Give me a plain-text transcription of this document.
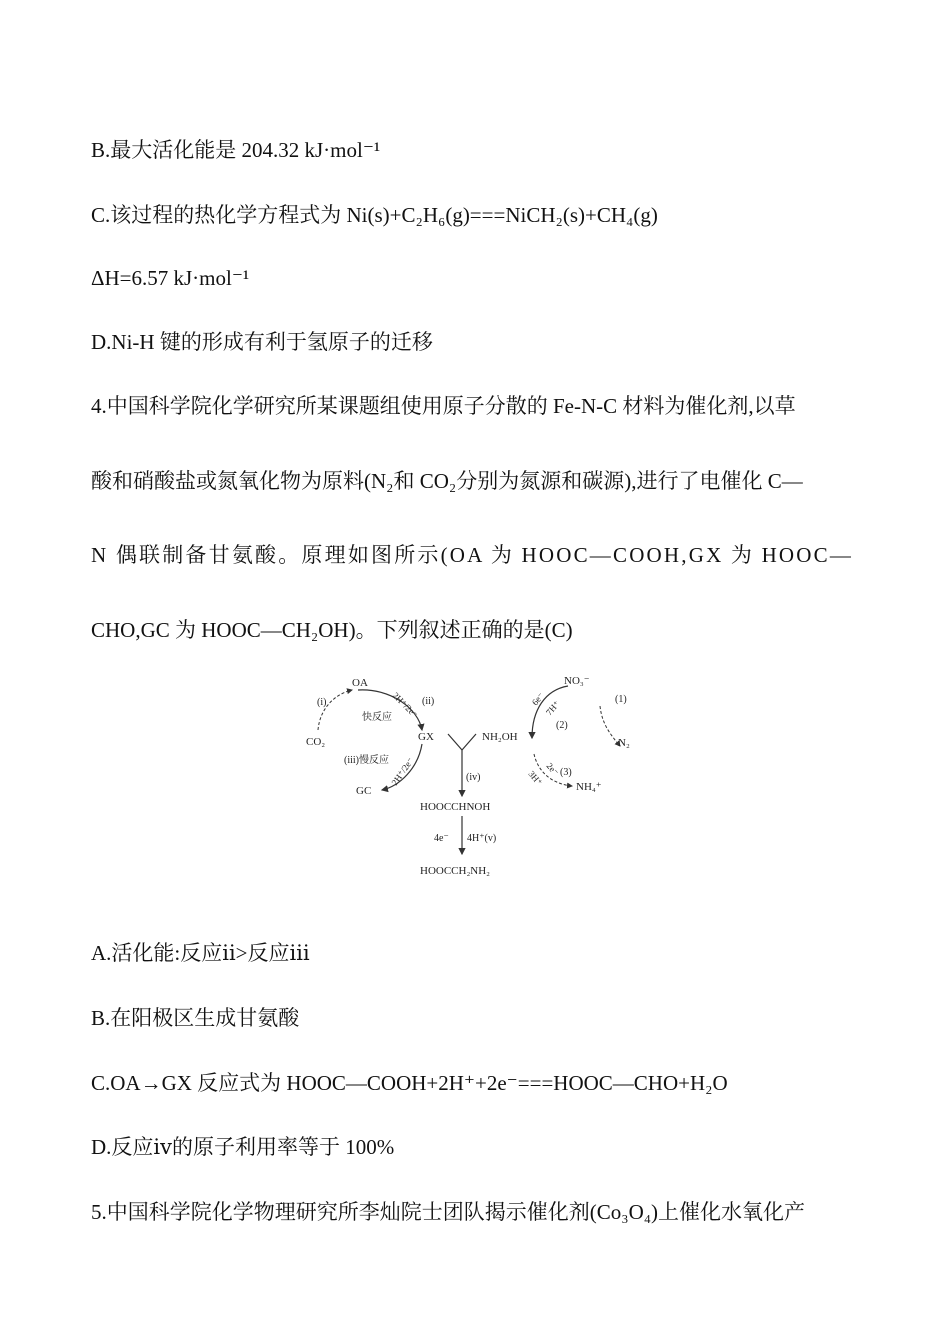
B.最大活化能是 204.32 kJ·mol⁻¹
C.该过程的热化学方程式为 Ni(s)+C₂H₆(g)===NiCH₂(s)+CH₄(g)
ΔH=6.57 kJ·mol⁻¹
D.Ni-H 键的形成有利于氢原子的迁移
4.中国科学院化学研究所某课题组使用原子分散的 Fe-N-C 材料为催化剂,以草
酸和硝酸盐或氮氧化物为原料(N₂和 CO₂分别为氮源和碳源),进行了电催化 C—
N 偶联制备甘氨酸。原理如图所示(OA 为 HOOC—COOH,GX 为 HOOC—
CHO,GC 为 HOOC—CH₂OH)。下列叙述正确的是(C)
OA
CO₂	GX
GC
(i)	(ii)
快反应
(iii)慢反应
2H⁺/2e⁻
2H⁺/2e⁻
NH₂OH
(iv)
HOOCCHNOH
4e⁻ 4H⁺(v)
HOOCCH₂NH₂
NO₃⁻
N₂
NH₄⁺
(1)
(2)
(3)
6e⁻
7H⁺
2e⁻
3H⁺
A.活化能:反应ⅱ>反应ⅲ
B.在阳极区生成甘氨酸
C.OA→GX 反应式为 HOOC—COOH+2H⁺+2e⁻===HOOC—CHO+H₂O
D.反应ⅳ的原子利用率等于 100%
5.中国科学院化学物理研究所李灿院士团队揭示催化剂(Co₃O₄)上催化水氧化产
